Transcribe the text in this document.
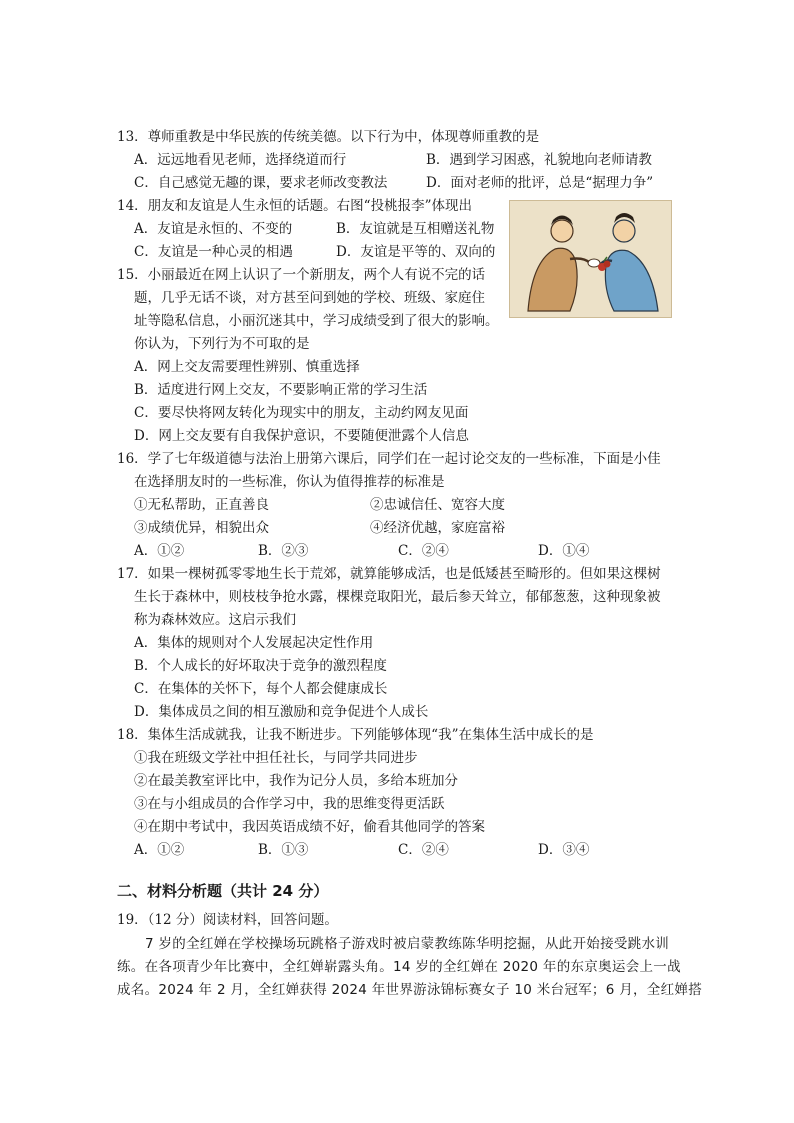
13．尊师重教是中华民族的传统美德。以下行为中，体现尊师重教的是
A．远远地看见老师，选择绕道而行	B．遇到学习困惑，礼貌地向老师请教
C．自己感觉无趣的课，要求老师改变教法	D．面对老师的批评，总是“据理力争”
14．朋友和友谊是人生永恒的话题。右图“投桃报李”体现出
A．友谊是永恒的、不变的	B．友谊就是互相赠送礼物
C．友谊是一种心灵的相遇	D．友谊是平等的、双向的
15．小丽最近在网上认识了一个新朋友，两个人有说不完的话
题，几乎无话不谈，对方甚至问到她的学校、班级、家庭住
址等隐私信息，小丽沉迷其中，学习成绩受到了很大的影响。
你认为，下列行为不可取的是
A．网上交友需要理性辨别、慎重选择
B．适度进行网上交友，不要影响正常的学习生活
C．要尽快将网友转化为现实中的朋友，主动约网友见面
D．网上交友要有自我保护意识，不要随便泄露个人信息
16．学了七年级道德与法治上册第六课后，同学们在一起讨论交友的一些标准，下面是小佳
在选择朋友时的一些标准，你认为值得推荐的标准是
①无私帮助，正直善良	②忠诚信任、宽容大度
③成绩优异，相貌出众	④经济优越，家庭富裕
A．①②	B．②③	C．②④	D．①④
17．如果一棵树孤零零地生长于荒郊，就算能够成活，也是低矮甚至畸形的。但如果这棵树
生长于森林中，则枝枝争抢水露，棵棵竞取阳光，最后参天耸立，郁郁葱葱，这种现象被
称为森林效应。这启示我们
A．集体的规则对个人发展起决定性作用
B．个人成长的好坏取决于竞争的激烈程度
C．在集体的关怀下，每个人都会健康成长
D．集体成员之间的相互激励和竞争促进个人成长
18．集体生活成就我，让我不断进步。下列能够体现“我”在集体生活中成长的是
①我在班级文学社中担任社长，与同学共同进步
②在最美教室评比中，我作为记分人员，多给本班加分
③在与小组成员的合作学习中，我的思维变得更活跃
④在期中考试中，我因英语成绩不好，偷看其他同学的答案
A．①②	B．①③	C．②④	D．③④
二、材料分析题（共计 24 分）
19．（12 分）阅读材料，回答问题。
7 岁的全红婵在学校操场玩跳格子游戏时被启蒙教练陈华明挖掘，从此开始接受跳水训
练。在各项青少年比赛中，全红婵崭露头角。14 岁的全红婵在 2020 年的东京奥运会上一战
成名。2024 年 2 月，全红婵获得 2024 年世界游泳锦标赛女子 10 米台冠军；6 月，全红婵搭
